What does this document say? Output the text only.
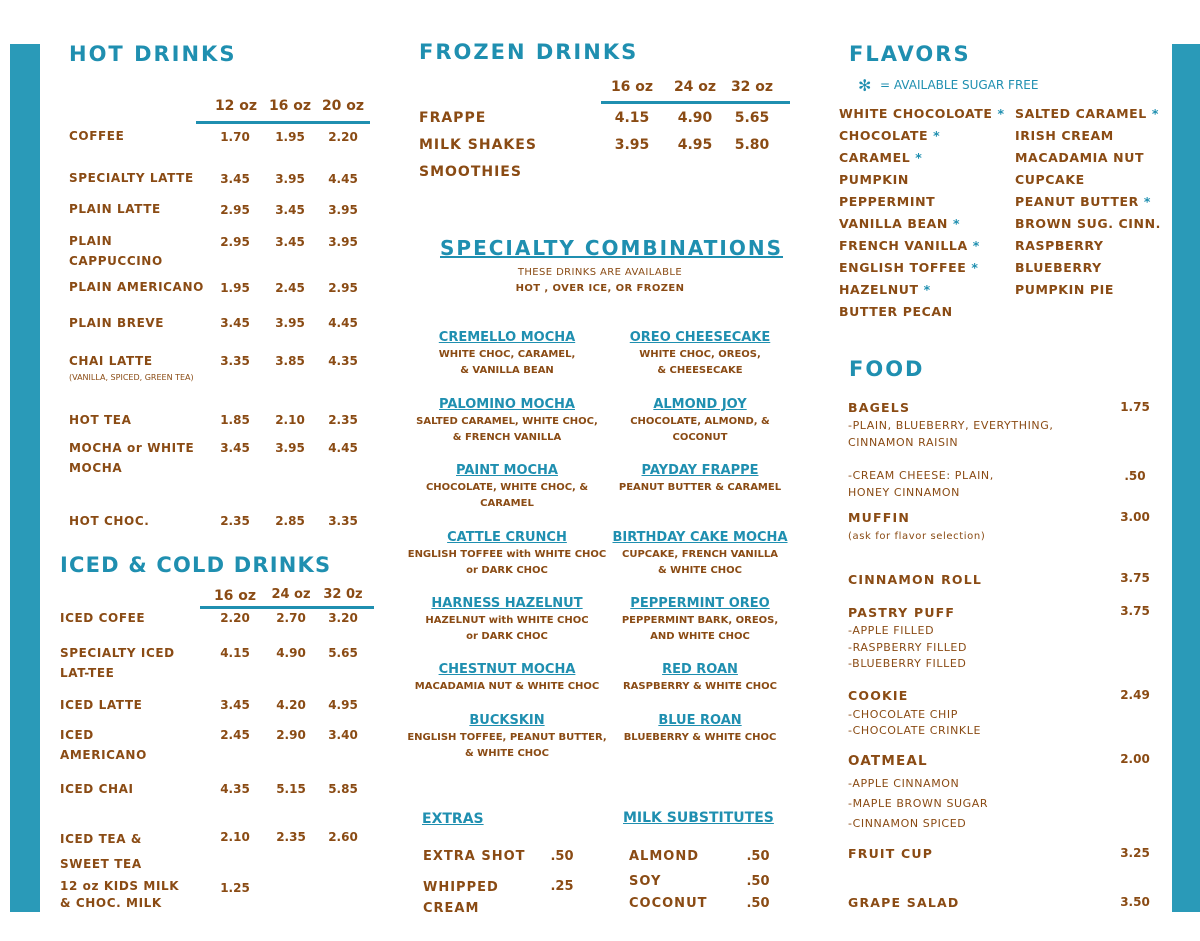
HOT DRINKS
12 oz 16 oz 20 oz
COFFEE	1.70	1.95	2.20
SPECIALTY LATTE	3.45	3.95	4.45
PLAIN LATTE	2.95	3.45	3.95
PLAIN CAPPUCCINO
2.95	3.45	3.95
PLAIN AMERICANO	1.95	2.45	2.95
PLAIN BREVE	3.45	3.95	4.45
CHAI LATTE
(VANILLA, SPICED, GREEN TEA)
3.35	3.85	4.35
HOT TEA	1.85	2.10	2.35
MOCHA or WHITE MOCHA
3.45	3.95	4.45
HOT CHOC.	2.35	2.85	3.35
ICED & COLD DRINKS
16 oz	24 oz 32 0z
ICED COFEE	2.20	2.70	3.20
SPECIALTY ICED LAT-TEE
4.15	4.90	5.65
ICED LATTE	3.45	4.20	4.95
ICED AMERICANO
2.45	2.90	3.40
ICED CHAI	4.35	5.15	5.85
ICED TEA & SWEET TEA
2.10	2.35	2.60
12 oz KIDS MILK & CHOC. MILK
1.25
FROZEN DRINKS
16 oz 24 oz 32 oz
FRAPPE	4.15	4.90	5.65
MILK SHAKES	3.95	4.95	5.80
SMOOTHIES
SPECIALTY COMBINATIONS
THESE DRINKS ARE AVAILABLE
HOT , OVER ICE, OR FROZEN
CREMELLO MOCHA
WHITE CHOC, CARAMEL,
& VANILLA BEAN
OREO CHEESECAKE
WHITE CHOC, OREOS,
& CHEESECAKE
PALOMINO MOCHA
SALTED CARAMEL, WHITE CHOC,
& FRENCH VANILLA
ALMOND JOY
CHOCOLATE, ALMOND, &
COCONUT
PAINT MOCHA
CHOCOLATE, WHITE CHOC, &
CARAMEL
PAYDAY FRAPPE
PEANUT BUTTER & CARAMEL
CATTLE CRUNCH
ENGLISH TOFFEE with WHITE CHOC
or DARK CHOC
BIRTHDAY CAKE MOCHA
CUPCAKE, FRENCH VANILLA
& WHITE CHOC
HARNESS HAZELNUT
HAZELNUT with WHITE CHOC
or DARK CHOC
PEPPERMINT OREO
PEPPERMINT BARK, OREOS,
AND WHITE CHOC
CHESTNUT MOCHA
MACADAMIA NUT & WHITE CHOC
RED ROAN
RASPBERRY & WHITE CHOC
BUCKSKIN
ENGLISH TOFFEE, PEANUT BUTTER,
& WHITE CHOC
BLUE ROAN
BLUEBERRY & WHITE CHOC
EXTRAS
EXTRA SHOT	.50
WHIPPED CREAM
.25
MILK SUBSTITUTES
ALMOND	.50
SOY	.50
COCONUT	.50
FLAVORS
✻ = AVAILABLE SUGAR FREE
WHITE CHOCOLOATE *
CHOCOLATE *
CARAMEL *
PUMPKIN
PEPPERMINT
VANILLA BEAN *
FRENCH VANILLA *
ENGLISH TOFFEE *
HAZELNUT *
BUTTER PECAN
SALTED CARAMEL *
IRISH CREAM
MACADAMIA NUT
CUPCAKE
PEANUT BUTTER *
BROWN SUG. CINN.
RASPBERRY
BLUEBERRY
PUMPKIN PIE
FOOD
BAGELS	1.75
-PLAIN, BLUEBERRY, EVERYTHING,
CINNAMON RAISIN
.50
-CREAM CHEESE: PLAIN,
HONEY CINNAMON
MUFFIN	3.00
(ask for flavor selection)
CINNAMON ROLL	3.75
PASTRY PUFF	3.75
-APPLE FILLED
-RASPBERRY FILLED
-BLUEBERRY FILLED
COOKIE	2.49
-CHOCOLATE CHIP
-CHOCOLATE CRINKLE
OATMEAL	2.00
-APPLE CINNAMON
-MAPLE BROWN SUGAR
-CINNAMON SPICED
FRUIT CUP	3.25
GRAPE SALAD	3.50
